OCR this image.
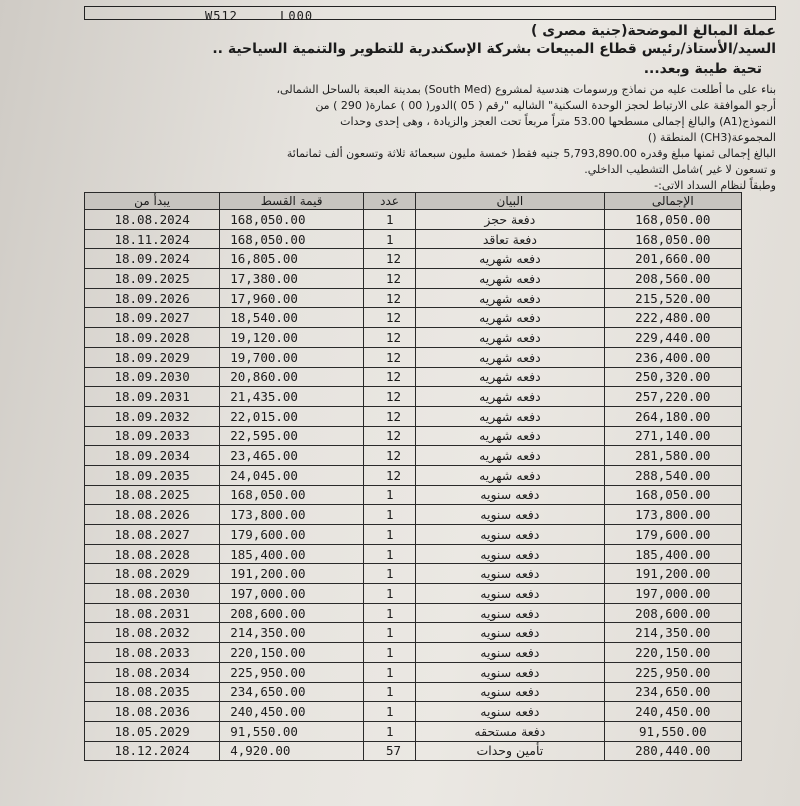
W512	L000
عملة المبالغ الموضحة(جنية مصرى )
السيد/الأستاذ/رئيس قطاع المبيعات بشركة الإسكندرية للتطوير والتنمية السياحية ..
تحية طيبة وبعد...
بناء على ما أطلعت عليه من نماذج ورسومات هندسية لمشروع (South Med) بمدينة العبعة بالساحل الشمالى،
أرجو الموافقة على الارتباط لحجز الوحدة السكنية" الشاليه "رقم ( 05 )الدور( 00 ) عمارة( 290 ) من
النموذج(A1) والبالغ إجمالى مسطحها 53.00 متراً مربعاً تحت العجز والزيادة ، وهى إحدى وحدات
المجموعة(CH3) المنطقة ()
البالغ إجمالى ثمنها مبلغ وقدره 5,793,890.00 جنيه فقط( خمسة مليون سبعمائة ثلاثة وتسعون ألف ثمانمائة
و تسعون لا غير )شامل التشطيب الداخلي.
وطبقاً لنظام السداد الاتى:-
يبدأ من	قيمة القسط	عدد	البيان	الإجمالى
18.08.2024	168,050.00	1	دفعة حجز	168,050.00
18.11.2024	168,050.00	1	دفعة تعاقد	168,050.00
18.09.2024	16,805.00	12	دفعه شهريه	201,660.00
18.09.2025	17,380.00	12	دفعه شهريه	208,560.00
18.09.2026	17,960.00	12	دفعه شهريه	215,520.00
18.09.2027	18,540.00	12	دفعه شهريه	222,480.00
18.09.2028	19,120.00	12	دفعه شهريه	229,440.00
18.09.2029	19,700.00	12	دفعه شهريه	236,400.00
18.09.2030	20,860.00	12	دفعه شهريه	250,320.00
18.09.2031	21,435.00	12	دفعه شهريه	257,220.00
18.09.2032	22,015.00	12	دفعه شهريه	264,180.00
18.09.2033	22,595.00	12	دفعه شهريه	271,140.00
18.09.2034	23,465.00	12	دفعه شهريه	281,580.00
18.09.2035	24,045.00	12	دفعه شهريه	288,540.00
18.08.2025	168,050.00	1	دفعه سنويه	168,050.00
18.08.2026	173,800.00	1	دفعه سنويه	173,800.00
18.08.2027	179,600.00	1	دفعه سنويه	179,600.00
18.08.2028	185,400.00	1	دفعه سنويه	185,400.00
18.08.2029	191,200.00	1	دفعه سنويه	191,200.00
18.08.2030	197,000.00	1	دفعه سنويه	197,000.00
18.08.2031	208,600.00	1	دفعه سنويه	208,600.00
18.08.2032	214,350.00	1	دفعه سنويه	214,350.00
18.08.2033	220,150.00	1	دفعه سنويه	220,150.00
18.08.2034	225,950.00	1	دفعه سنويه	225,950.00
18.08.2035	234,650.00	1	دفعه سنويه	234,650.00
18.08.2036	240,450.00	1	دفعه سنويه	240,450.00
18.05.2029	91,550.00	1	دفعة مستحقه	91,550.00
18.12.2024	4,920.00	57	تأمين وحدات	280,440.00
